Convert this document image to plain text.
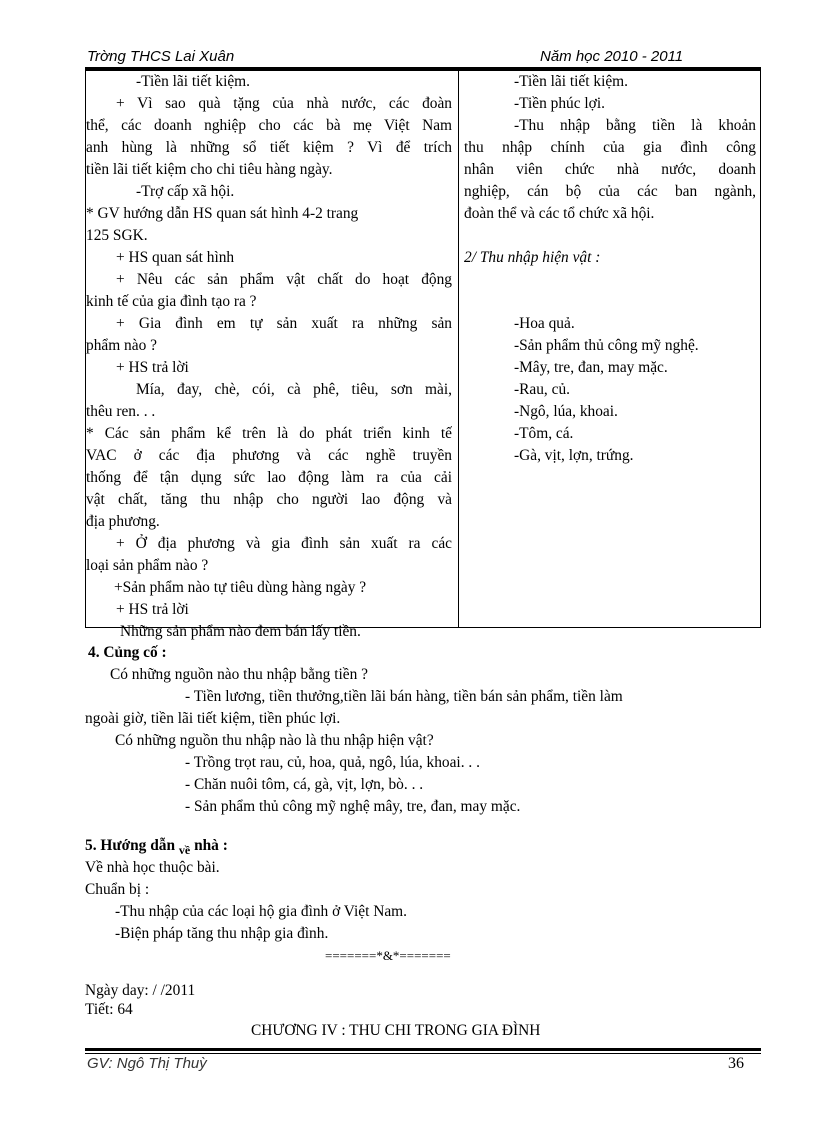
Trờng THCS Lai Xuân	Năm học 2010 - 2011
-Tiền lãi tiết kiệm.
+ Vì sao quà tặng của nhà nước, các đoàn
thể, các doanh nghiệp cho các bà mẹ Việt Nam
anh hùng là những sổ tiết kiệm ? Vì để trích
tiền lãi tiết kiệm cho chi tiêu hàng ngày.
-Trợ cấp xã hội.
* GV hướng dẫn HS quan sát hình 4-2 trang
125 SGK.
+ HS quan sát hình
+ Nêu các sản phẩm vật chất do hoạt động
kinh tế của gia đình tạo ra ?
+ Gia đình em tự sản xuất ra những sản
phẩm nào ?
+ HS trả lời
Mía, đay, chè, cói, cà phê, tiêu, sơn mài,
thêu ren. . .
* Các sản phẩm kể trên là do phát triển kinh tế
VAC ở các địa phương và các nghề truyền
thống để tận dụng sức lao động làm ra của cải
vật chất, tăng thu nhập cho người lao động và
địa phương.
+ Ở địa phương và gia đình sản xuất ra các
loại sản phẩm nào ?
+Sản phẩm nào tự tiêu dùng hàng ngày ?
+ HS trả lời
Những sản phẩm nào đem bán lấy tiền.
-Tiền lãi tiết kiệm.
-Tiền phúc lợi.
-Thu nhập bằng tiền là khoản
thu nhập chính của gia đình công
nhân viên chức nhà nước, doanh
nghiệp, cán bộ của các ban ngành,
đoàn thể và các tổ chức xã hội.
2/ Thu nhập hiện vật :
-Hoa quả.
-Sản phẩm thủ công mỹ nghệ.
-Mây, tre, đan, may mặc.
-Rau, củ.
-Ngô, lúa, khoai.
-Tôm, cá.
-Gà, vịt, lợn, trứng.
4. Củng cố :
Có những nguồn nào thu nhập bằng tiền ?
- Tiền lương, tiền thưởng,tiền lãi bán hàng, tiền bán sản phẩm, tiền làm
ngoài giờ, tiền lãi tiết kiệm, tiền phúc lợi.
Có những nguồn thu nhập nào là thu nhập hiện vật?
- Trồng trọt rau, củ, hoa, quả, ngô, lúa, khoai. . .
- Chăn nuôi tôm, cá, gà, vịt, lợn, bò. . .
- Sản phẩm thủ công mỹ nghệ mây, tre, đan, may mặc.
5. Hướng dẫn $_{về}$ nhà :
Về nhà học thuộc bài.
Chuẩn bị :
-Thu nhập của các loại hộ gia đình ở Việt Nam.
-Biện pháp tăng thu nhập gia đình.
=======*&*=======
Ngày day: / /2011
Tiết: 64
CHƯƠNG IV : THU CHI TRONG GIA ĐÌNH
GV: Ngô Thị Thuỳ	36
